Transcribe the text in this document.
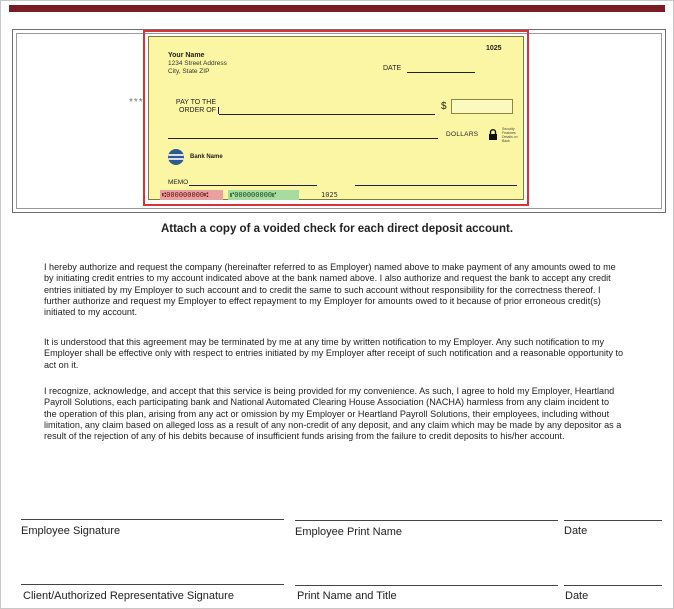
***
Your Name
1234 Street Address
City, State ZIP
1025
DATE
PAY TO THE
ORDER OF	$
DOLLARS
Security Features Details on Back
Bank Name
MEMO
⑆000000000⑆	⑈000000000⑈	1025
Attach a copy of a voided check for each direct deposit account.

I hereby authorize and request the company (hereinafter referred to as Employer) named above to make payment of any amounts owed to me by initiating credit entries to my account indicated above at the bank named above. I also authorize and request the bank to accept any credit entries initiated by my Employer to such account and to credit the same to such account without responsibility for the correctness thereof. I further authorize and request my Employer to effect repayment to my Employer for amounts owed to it because of prior erroneous credit(s) initiated to my account.

It is understood that this agreement may be terminated by me at any time by written notification to my Employer. Any such notification to my Employer shall be effective only with respect to entries initiated by my Employer after receipt of such notification and a reasonable opportunity to act on it.

I recognize, acknowledge, and accept that this service is being provided for my convenience. As such, I agree to hold my Employer, Heartland Payroll Solutions, each participating bank and National Automated Clearing House Association (NACHA) harmless from any claim incident to the operation of this plan, arising from any act or omission by my Employer or Heartland Payroll Solutions, their employees, including without limitation, any claim based on alleged loss as a result of any non-credit of any deposit, and any claim which may be made by any depositor as a result of the rejection of any of his debits because of insufficient funds arising from the failure to credit deposits to his/her account.

Employee Signature	Employee Print Name	Date
Client/Authorized Representative Signature	Print Name and Title	Date
